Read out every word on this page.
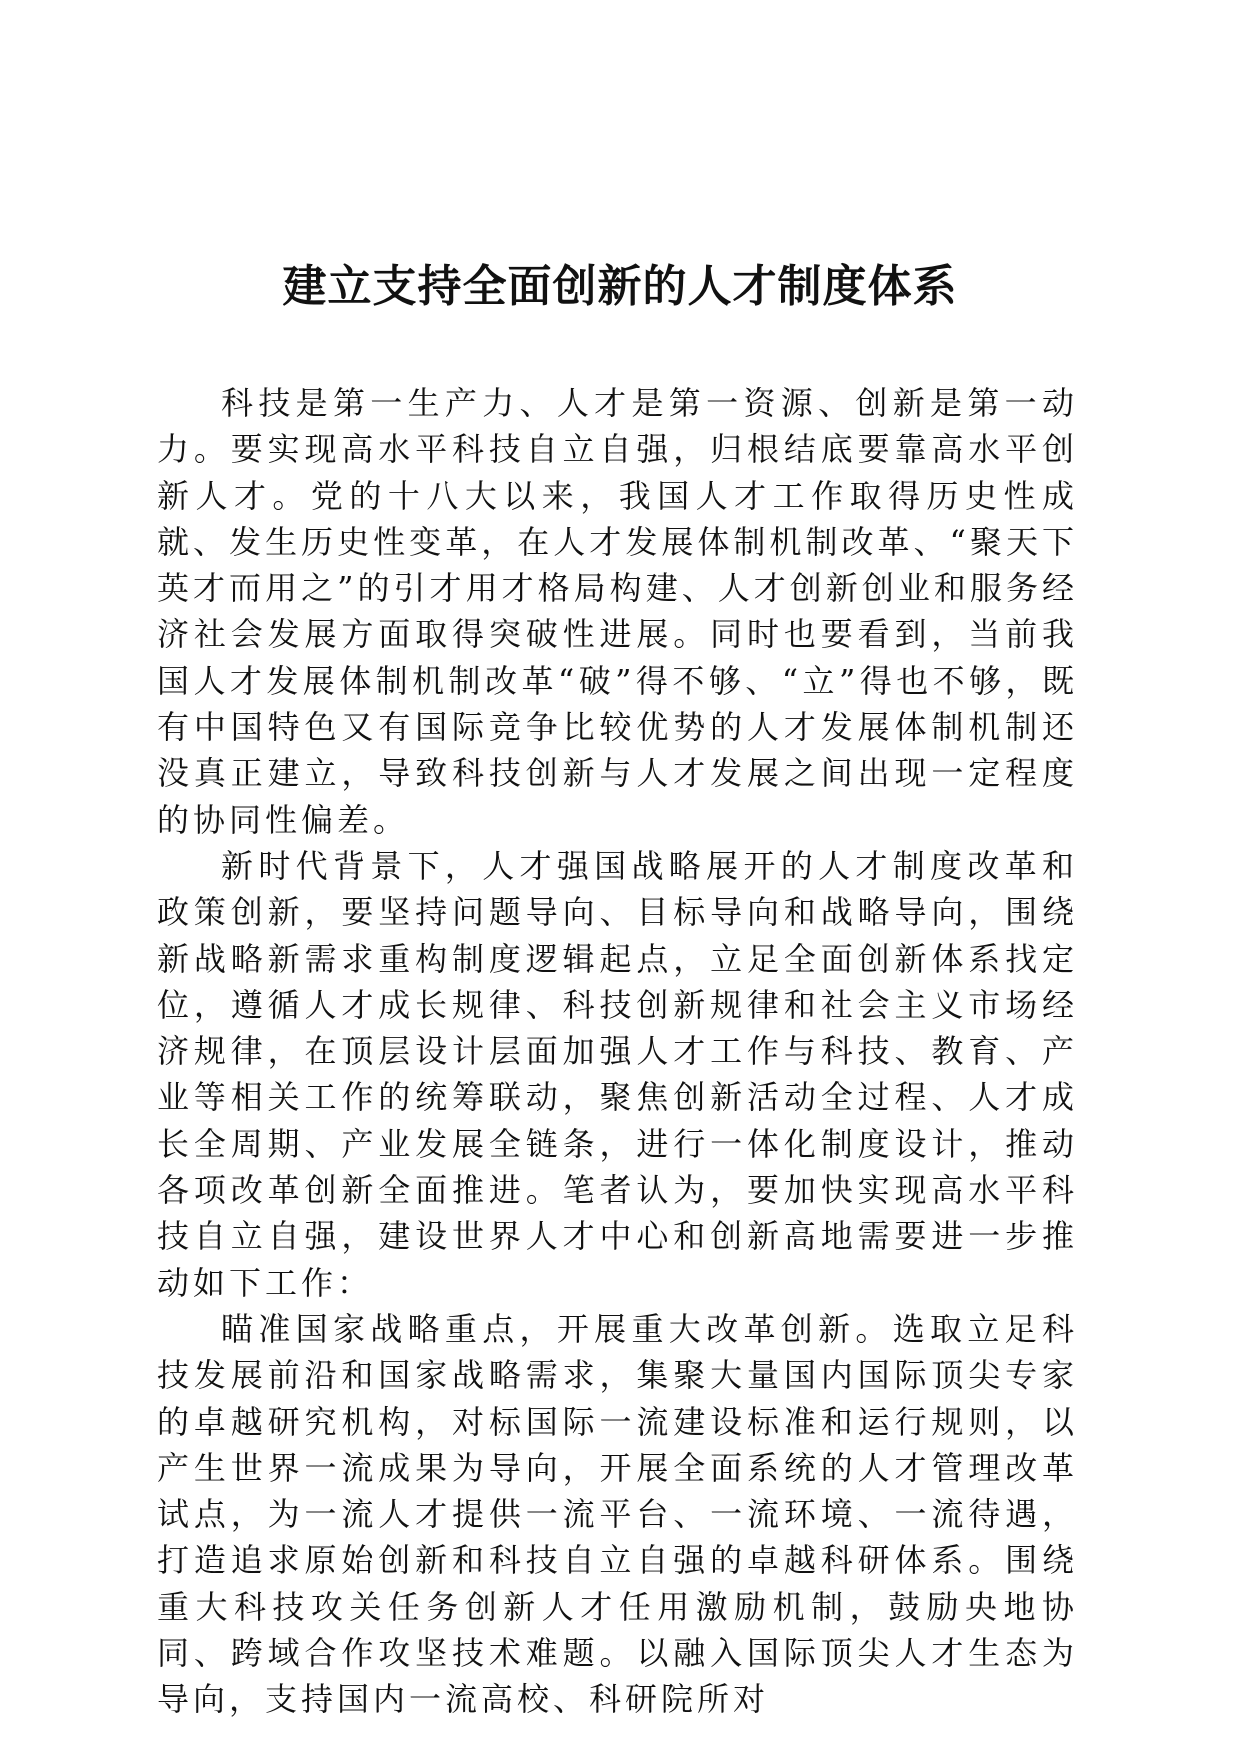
建立支持全面创新的人才制度体系

科技是第一生产力、人才是第一资源、创新是第一动力。要实现高水平科技自立自强，归根结底要靠高水平创新人才。党的十八大以来，我国人才工作取得历史性成就、发生历史性变革，在人才发展体制机制改革、“聚天下英才而用之”的引才用才格局构建、人才创新创业和服务经济社会发展方面取得突破性进展。同时也要看到，当前我国人才发展体制机制改革“破”得不够、“立”得也不够，既有中国特色又有国际竞争比较优势的人才发展体制机制还没真正建立，导致科技创新与人才发展之间出现一定程度的协同性偏差。

新时代背景下，人才强国战略展开的人才制度改革和政策创新，要坚持问题导向、目标导向和战略导向，围绕新战略新需求重构制度逻辑起点，立足全面创新体系找定位，遵循人才成长规律、科技创新规律和社会主义市场经济规律，在顶层设计层面加强人才工作与科技、教育、产业等相关工作的统筹联动，聚焦创新活动全过程、人才成长全周期、产业发展全链条，进行一体化制度设计，推动各项改革创新全面推进。笔者认为，要加快实现高水平科技自立自强，建设世界人才中心和创新高地需要进一步推动如下工作：

瞄准国家战略重点，开展重大改革创新。选取立足科技发展前沿和国家战略需求，集聚大量国内国际顶尖专家的卓越研究机构，对标国际一流建设标准和运行规则，以产生世界一流成果为导向，开展全面系统的人才管理改革试点，为一流人才提供一流平台、一流环境、一流待遇，打造追求原始创新和科技自立自强的卓越科研体系。围绕重大科技攻关任务创新人才任用激励机制，鼓励央地协同、跨域合作攻坚技术难题。以融入国际顶尖人才生态为导向，支持国内一流高校、科研院所对
